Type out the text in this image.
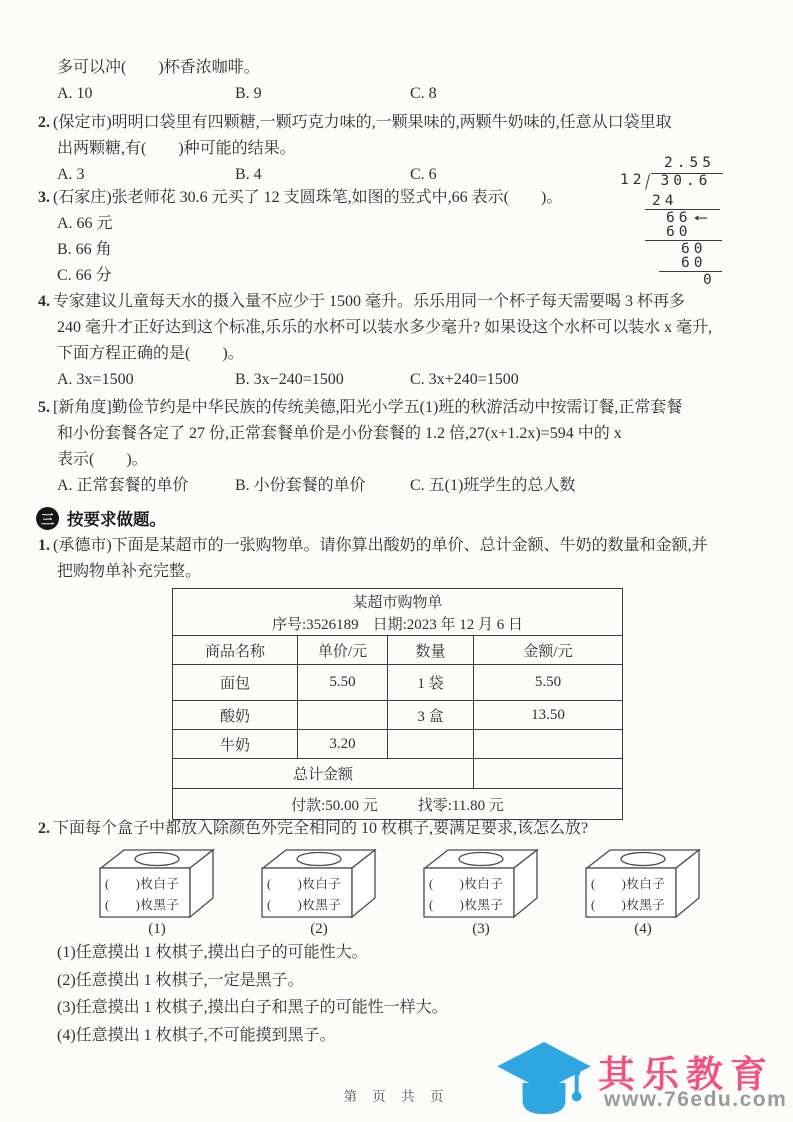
多可以冲(　　)杯香浓咖啡。
A. 10	B. 9	C. 8
2. (保定市)明明口袋里有四颗糖,一颗巧克力味的,一颗果味的,两颗牛奶味的,任意从口袋里取
出两颗糖,有(　　)种可能的结果。
A. 3	B. 4	C. 6
3. (石家庄)张老师花 30.6 元买了 12 支圆珠笔,如图的竖式中,66 表示(　　)。
A. 66 元
B. 66 角
C. 66 分
2.55
12	30.6
24
66 ←
60
60
60
0
4. 专家建议儿童每天水的摄入量不应少于 1500 毫升。乐乐用同一个杯子每天需要喝 3 杯再多
240 毫升才正好达到这个标准,乐乐的水杯可以装水多少毫升? 如果设这个水杯可以装水 x 毫升,
下面方程正确的是(　　)。
A. 3x=1500	B. 3x−240=1500	C. 3x+240=1500
5. [新角度]勤俭节约是中华民族的传统美德,阳光小学五(1)班的秋游活动中按需订餐,正常套餐
和小份套餐各定了 27 份,正常套餐单价是小份套餐的 1.2 倍,27(x+1.2x)=594 中的 x
表示(　　)。
A. 正常套餐的单价	B. 小份套餐的单价	C. 五(1)班学生的总人数
三 按要求做题。
1. (承德市)下面是某超市的一张购物单。请你算出酸奶的单价、总计金额、牛奶的数量和金额,并
把购物单补充完整。
某超市购物单
序号:3526189 日期:2023 年 12 月 6 日			

商品名称	单价/元	数量	金额/元
面包	5.50	1 袋	5.50
酸奶		3 盒	13.50
牛奶	3.20		
总计金额			

付款:50.00 元 找零:11.80 元			
2. 下面每个盒子中都放入除颜色外完全相同的 10 枚棋子,要满足要求,该怎么放?
(　　)枚白子
(　　)枚黑子
(1)
(　　)枚白子
(　　)枚黑子
(2)
(　　)枚白子
(　　)枚黑子
(3)
(　　)枚白子
(　　)枚黑子
(4)
(1)任意摸出 1 枚棋子,摸出白子的可能性大。
(2)任意摸出 1 枚棋子,一定是黑子。
(3)任意摸出 1 枚棋子,摸出白子和黑子的可能性一样大。
(4)任意摸出 1 枚棋子,不可能摸到黑子。
第 页 共 页
其乐教育
www.76edu.com
